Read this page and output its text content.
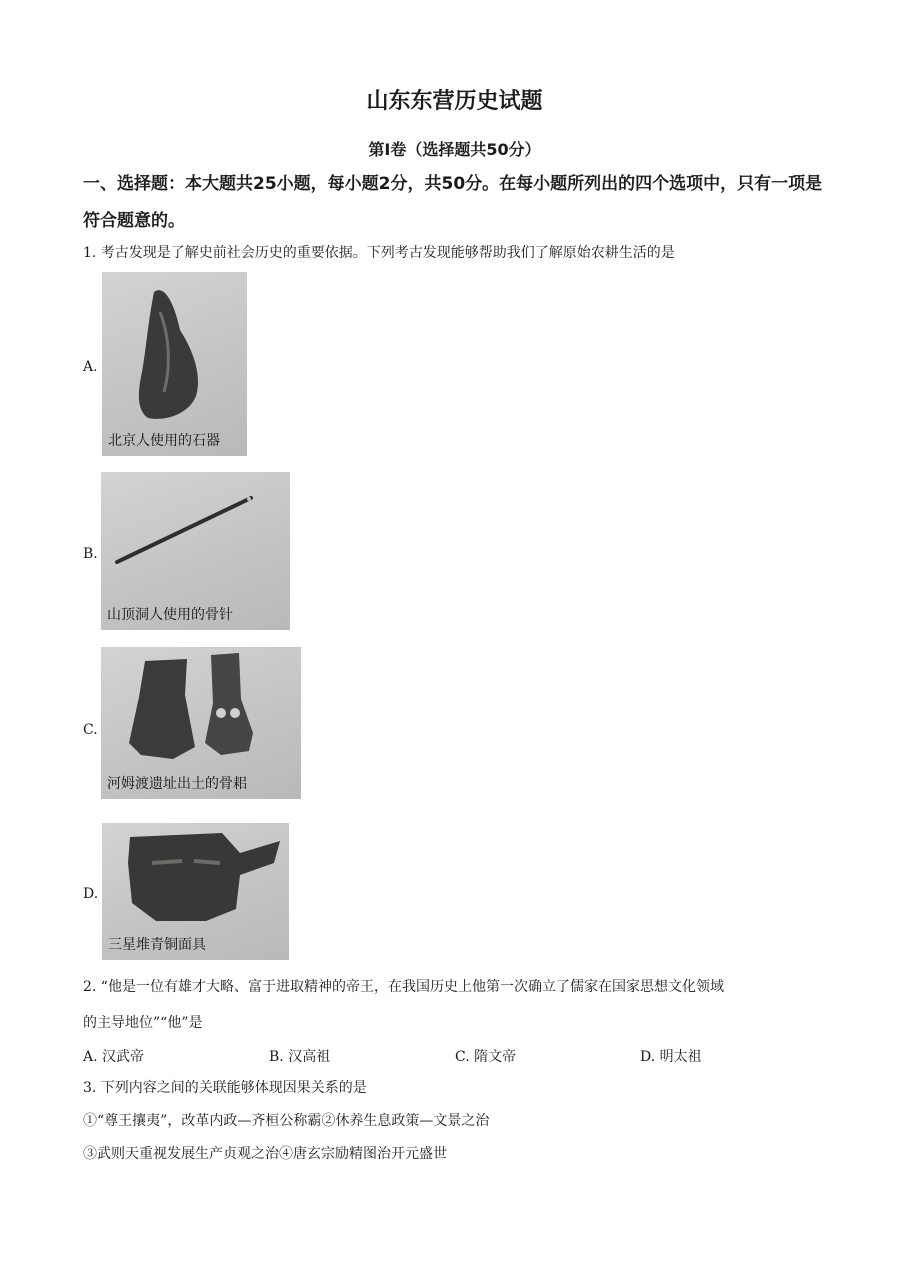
山东东营历史试题
第I卷（选择题共50分）
一、选择题：本大题共25小题，每小题2分，共50分。在每小题所列出的四个选项中，只有一项是符合题意的。
1. 考古发现是了解史前社会历史的重要依据。下列考古发现能够帮助我们了解原始农耕生活的是
A.
北京人使用的石器
B.
山顶洞人使用的骨针
C.
河姆渡遗址出土的骨耜
D.
三星堆青铜面具
2. “他是一位有雄才大略、富于进取精神的帝王，在我国历史上他第一次确立了儒家在国家思想文化领域
的主导地位”“他”是
A. 汉武帝	B. 汉高祖	C. 隋文帝	D. 明太祖
3. 下列内容之间的关联能够体现因果关系的是
①“尊王攘夷”，改革内政—齐桓公称霸②休养生息政策—文景之治
③武则天重视发展生产贞观之治④唐玄宗励精图治开元盛世
